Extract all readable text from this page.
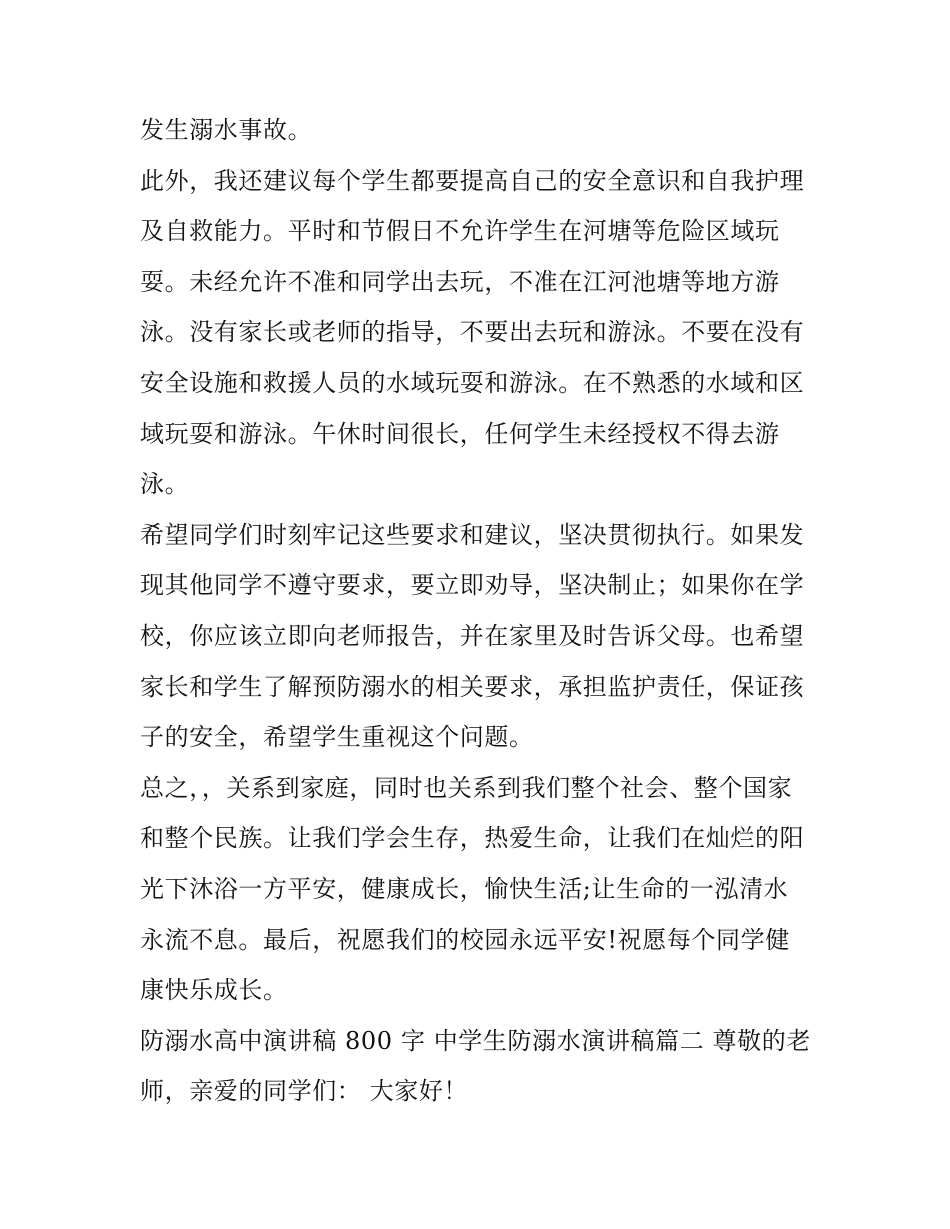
发生溺水事故。
此外，我还建议每个学生都要提高自己的安全意识和自我护理
及自救能力。平时和节假日不允许学生在河塘等危险区域玩
耍。未经允许不准和同学出去玩，不准在江河池塘等地方游
泳。没有家长或老师的指导，不要出去玩和游泳。不要在没有
安全设施和救援人员的水域玩耍和游泳。在不熟悉的水域和区
域玩耍和游泳。午休时间很长，任何学生未经授权不得去游
泳。
希望同学们时刻牢记这些要求和建议，坚决贯彻执行。如果发
现其他同学不遵守要求，要立即劝导，坚决制止；如果你在学
校，你应该立即向老师报告，并在家里及时告诉父母。也希望
家长和学生了解预防溺水的相关要求，承担监护责任，保证孩
子的安全，希望学生重视这个问题。
总之，，关系到家庭，同时也关系到我们整个社会、整个国家
和整个民族。让我们学会生存，热爱生命，让我们在灿烂的阳
光下沐浴一方平安，健康成长，愉快生活;让生命的一泓清水
永流不息。最后，祝愿我们的校园永远平安!祝愿每个同学健
康快乐成长。
防溺水高中演讲稿 800 字 中学生防溺水演讲稿篇二 尊敬的老
师，亲爱的同学们： 大家好！
